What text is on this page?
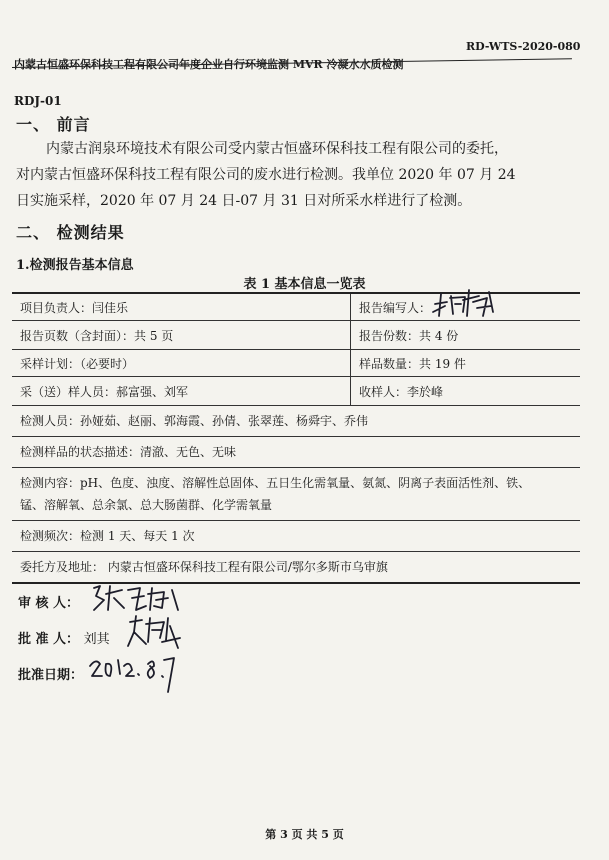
内蒙古恒盛环保科技工程有限公司年度企业自行环境监测 MVR 冷凝水水质检测
RD-WTS-2020-080
RDJ-01
一、 前言

内蒙古润泉环境技术有限公司受内蒙古恒盛环保科技工程有限公司的委托，

对内蒙古恒盛环保科技工程有限公司的废水进行检测。我单位 2020 年 07 月 24

日实施采样，2020 年 07 月 24 日-07 月 31 日对所采水样进行了检测。

二、 检测结果
1.检测报告基本信息
表 1 基本信息一览表
项目负责人：闫佳乐	报告编写人：
报告页数（含封面）：共 5 页	报告份数：共 4 份
采样计划：（必要时）	样品数量：共 19 件
采（送）样人员：郝富强、刘军	收样人：李於峰
检测人员：孙娅茹、赵丽、郭海霞、孙倩、张翠莲、杨舜宇、乔伟
检测样品的状态描述：清澈、无色、无味
检测内容：pH、色度、浊度、溶解性总固体、五日生化需氧量、氨氮、阴离子表面活性剂、铁、
锰、溶解氧、总余氯、总大肠菌群、化学需氧量
检测频次：检测 1 天、每天 1 次
委托方及地址： 内蒙古恒盛环保科技工程有限公司/鄂尔多斯市乌审旗
审 核 人：
批 准 人： 刘其
批准日期：
第 3 页 共 5 页
